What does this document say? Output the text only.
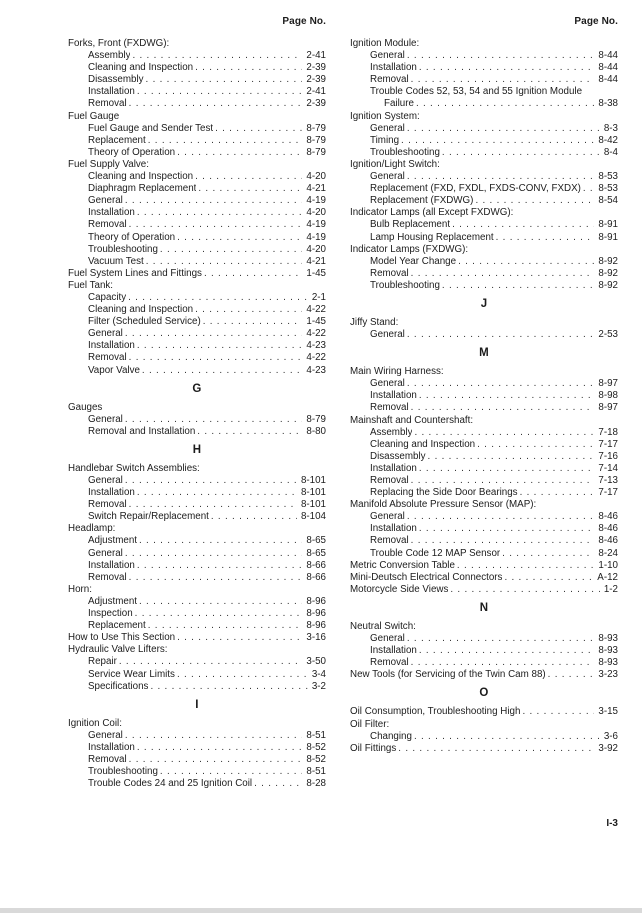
Page No.
Forks, Front (FXDWG):
Assembly . . .	2-41
Cleaning and Inspection . . .	2-39
Disassembly . . .	2-39
Installation . . .	2-41
Removal . . .	2-39
Fuel Gauge
Fuel Gauge and Sender Test . . .	8-79
Replacement . . .	8-79
Theory of Operation . . .	8-79
Fuel Supply Valve:
Cleaning and Inspection . . .	4-20
Diaphragm Replacement . . .	4-21
General . . .	4-19
Installation . . .	4-20
Removal . . .	4-19
Theory of Operation . . .	4-19
Troubleshooting . . .	4-20
Vacuum Test . . .	4-21
Fuel System Lines and Fittings . . .	1-45
Fuel Tank:
Capacity . . .	2-1
Cleaning and Inspection . . .	4-22
Filter (Scheduled Service) . . .	1-45
General . . .	4-22
Installation . . .	4-23
Removal . . .	4-22
Vapor Valve . . .	4-23
G
Gauges
General . . .	8-79
Removal and Installation . . .	8-80
H
Handlebar Switch Assemblies:
General . . .	8-101
Installation . . .	8-101
Removal . . .	8-101
Switch Repair/Replacement . . .	8-104
Headlamp:
Adjustment . . .	8-65
General . . .	8-65
Installation . . .	8-66
Removal . . .	8-66
Horn:
Adjustment . . .	8-96
Inspection . . .	8-96
Replacement . . .	8-96
How to Use This Section . . .	3-16
Hydraulic Valve Lifters:
Repair . . .	3-50
Service Wear Limits . . .	3-4
Specifications . . .	3-2
I
Ignition Coil:
General . . .	8-51
Installation . . .	8-52
Removal . . .	8-52
Troubleshooting . . .	8-51
Trouble Codes 24 and 25 Ignition Coil . . .	8-28
Page No.
Ignition Module:
General . . .	8-44
Installation . . .	8-44
Removal . . .	8-44
Trouble Codes 52, 53, 54 and 55 Ignition Module
Failure . . .	8-38
Ignition System:
General . . .	8-3
Timing . . .	8-42
Troubleshooting . . .	8-4
Ignition/Light Switch:
General . . .	8-53
Replacement (FXD, FXDL, FXDS-CONV, FXDX) . . . 8-53
Replacement (FXDWG) . . .	8-54
Indicator Lamps (all Except FXDWG):
Bulb Replacement . . .	8-91
Lamp Housing Replacement . . .	8-91
Indicator Lamps (FXDWG):
Model Year Change . . .	8-92
Removal . . .	8-92
Troubleshooting . . .	8-92
J
Jiffy Stand:
General . . .	2-53
M
Main Wiring Harness:
General . . .	8-97
Installation . . .	8-98
Removal . . .	8-97
Mainshaft and Countershaft:
Assembly . . .	7-18
Cleaning and Inspection . . .	7-17
Disassembly . . .	7-16
Installation . . .	7-14
Removal . . .	7-13
Replacing the Side Door Bearings . . .	7-17
Manifold Absolute Pressure Sensor (MAP):
General . . .	8-46
Installation . . .	8-46
Removal . . .	8-46
Trouble Code 12 MAP Sensor . . .	8-24
Metric Conversion Table . . .	1-10
Mini-Deutsch Electrical Connectors . . .	A-12
Motorcycle Side Views . . .	1-2
N
Neutral Switch:
General . . .	8-93
Installation . . .	8-93
Removal . . .	8-93
New Tools (for Servicing of the Twin Cam 88) . . .	3-23
O
Oil Consumption, Troubleshooting High . . .	3-15
Oil Filter:
Changing . . .	3-6
Oil Fittings . . .	3-92
I-3
